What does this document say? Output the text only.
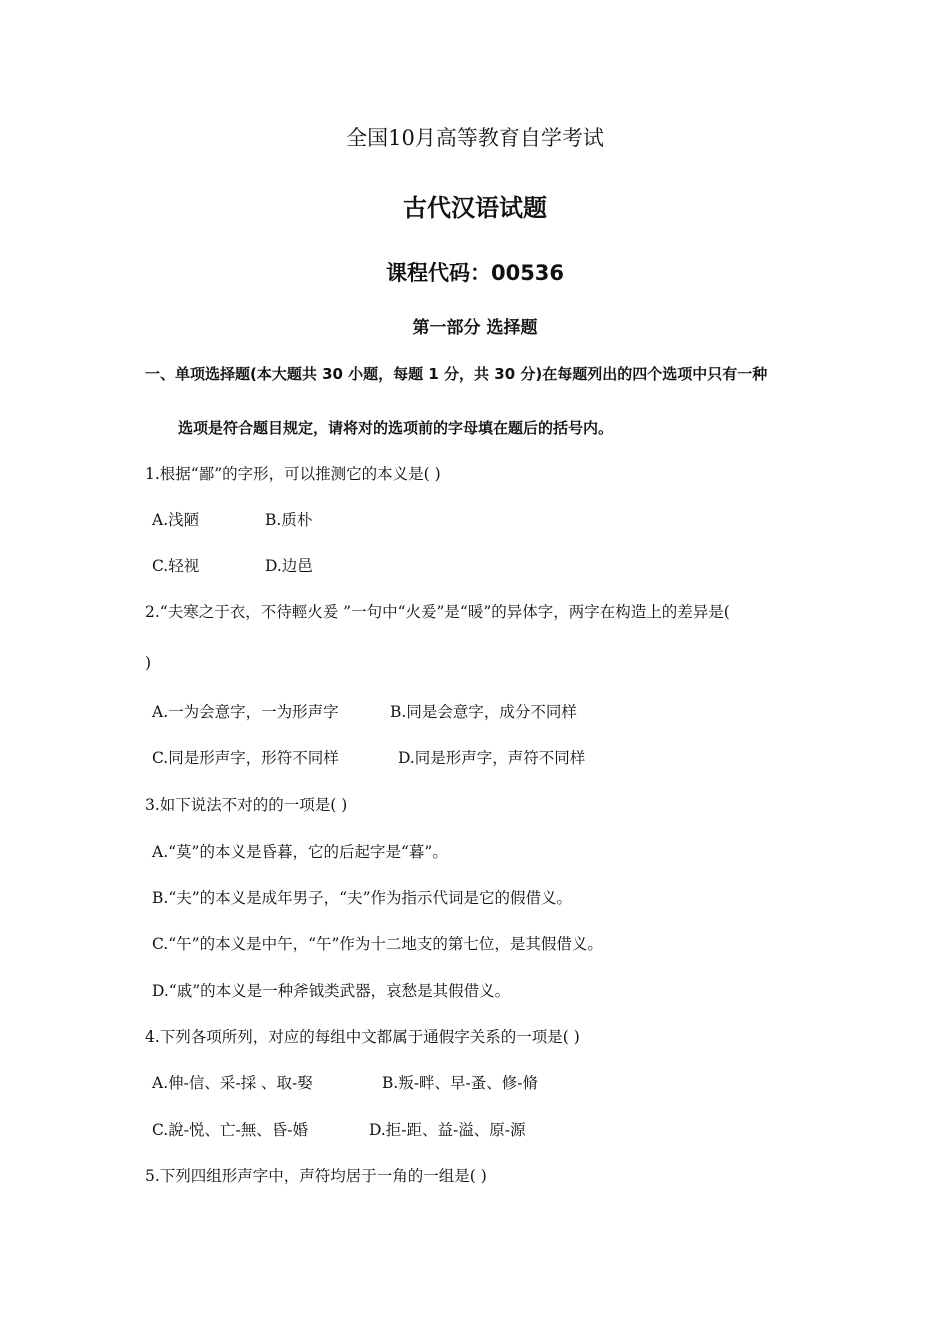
全国10月高等教育自学考试
古代汉语试题
课程代码：00536
第一部分 选择题
一、单项选择题(本大题共 30 小题，每题 1 分，共 30 分)在每题列出的四个选项中只有一种
选项是符合题目规定，请将对的选项前的字母填在题后的括号内。
1.根据“鄙”的字形，可以推测它的本义是( )
A.浅陋	B.质朴
C.轻视	D.边邑
2.“夫寒之于衣，不待輕火爰 ”一句中“火爰”是“暖”的异体字，两字在构造上的差异是(
)
A.一为会意字，一为形声字	B.同是会意字，成分不同样
C.同是形声字，形符不同样	D.同是形声字，声符不同样
3.如下说法不对的的一项是( )
A.“莫”的本义是昏暮，它的后起字是“暮”。
B.“夫”的本义是成年男子，“夫”作为指示代词是它的假借义。
C.“午”的本义是中午，“午”作为十二地支的第七位，是其假借义。
D.“戚”的本义是一种斧钺类武器，哀愁是其假借义。
4.下列各项所列，对应的每组中文都属于通假字关系的一项是( )
A.伸-信、采-採 、取-娶	B.叛-畔、早-蚤、修-脩
C.說-悦、亡-無、昏-婚	D.拒-距、益-溢、原-源
5.下列四组形声字中，声符均居于一角的一组是( )
